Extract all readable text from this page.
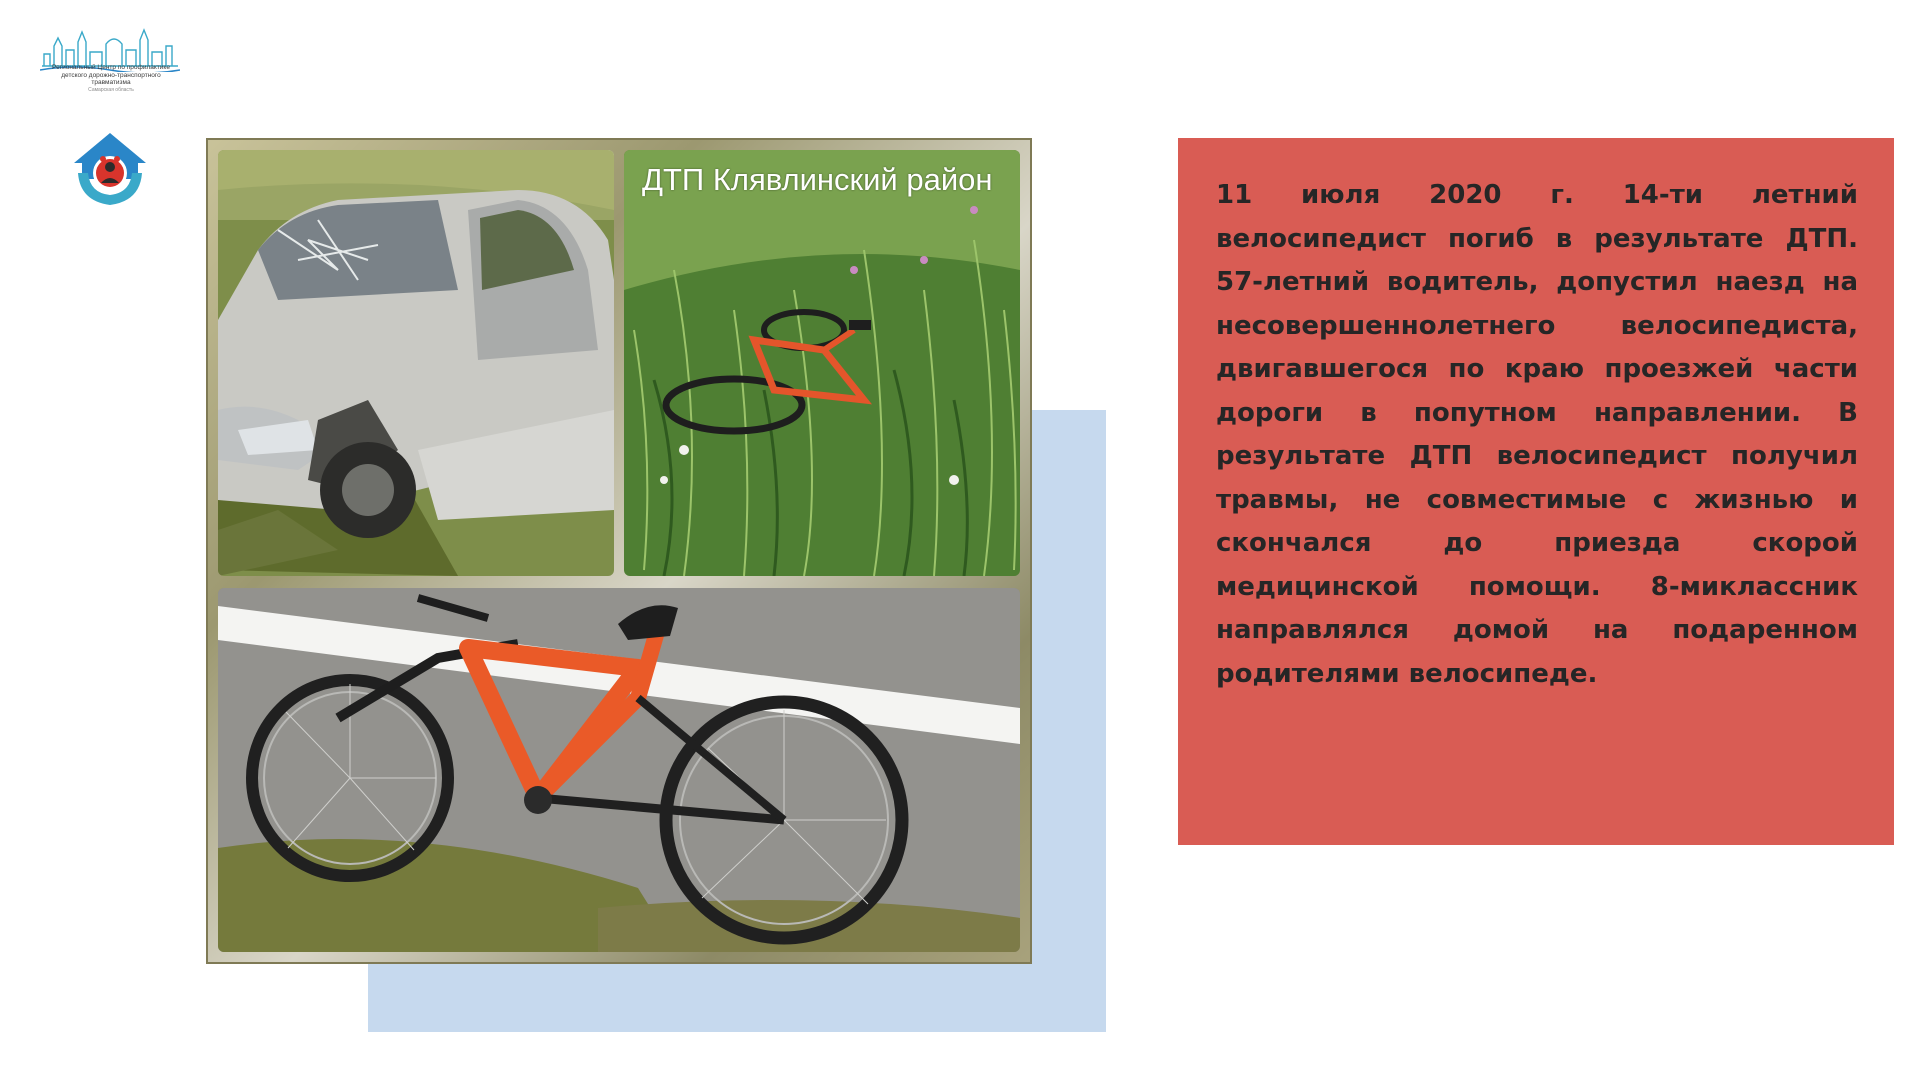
Региональный Центр по профилактике детского дорожно-транспортного травматизма
Самарская область
ДТП Клявлинский район	11 июля 2020 г. 14-ти летний велосипедист погиб в результате ДТП. 57-летний водитель, допустил наезд на несовершеннолетнего велосипедиста, двигавшегося по краю проезжей части дороги в попутном направлении. В результате ДТП велосипедист получил травмы, не совместимые с жизнью и скончался до приезда скорой медицинской помощи. 8-миклассник направлялся домой на подаренном родителями велосипеде.
